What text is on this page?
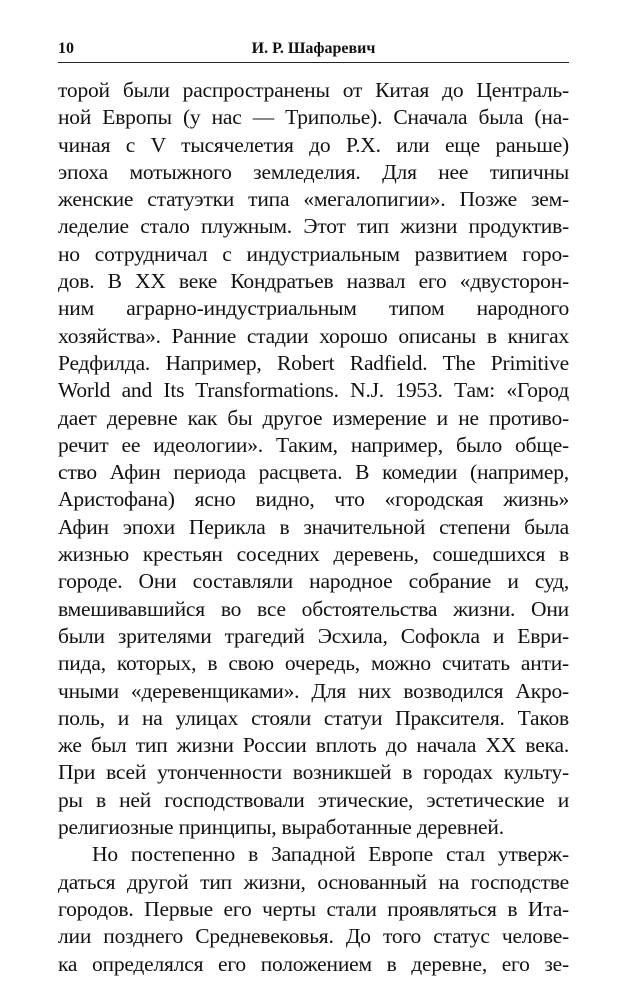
10	И. Р. Шафаревич
торой были распространены от Китая до Централь-
ной Европы (у нас — Триполье). Сначала была (на-
чиная с V тысячелетия до Р.Х. или еще раньше)
эпоха мотыжного земледелия. Для нее типичны
женские статуэтки типа «мегалопигии». Позже зем-
леделие стало плужным. Этот тип жизни продуктив-
но сотрудничал с индустриальным развитием горо-
дов. В XX веке Кондратьев назвал его «двусторон-
ним аграрно-индустриальным типом народного
хозяйства». Ранние стадии хорошо описаны в книгах
Редфилда. Например, Robert Radfield. The Primitive
World and Its Transformations. N.J. 1953. Там: «Город
дает деревне как бы другое измерение и не противо-
речит ее идеологии». Таким, например, было обще-
ство Афин периода расцвета. В комедии (например,
Аристофана) ясно видно, что «городская жизнь»
Афин эпохи Перикла в значительной степени была
жизнью крестьян соседних деревень, сошедшихся в
городе. Они составляли народное собрание и суд,
вмешивавшийся во все обстоятельства жизни. Они
были зрителями трагедий Эсхила, Софокла и Еври-
пида, которых, в свою очередь, можно считать анти-
чными «деревенщиками». Для них возводился Акро-
поль, и на улицах стояли статуи Праксителя. Таков
же был тип жизни России вплоть до начала XX века.
При всей утонченности возникшей в городах культу-
ры в ней господствовали этические, эстетические и
религиозные принципы, выработанные деревней.
Но постепенно в Западной Европе стал утверж-
даться другой тип жизни, основанный на господстве
городов. Первые его черты стали проявляться в Ита-
лии позднего Средневековья. До того статус челове-
ка определялся его положением в деревне, его зе-
